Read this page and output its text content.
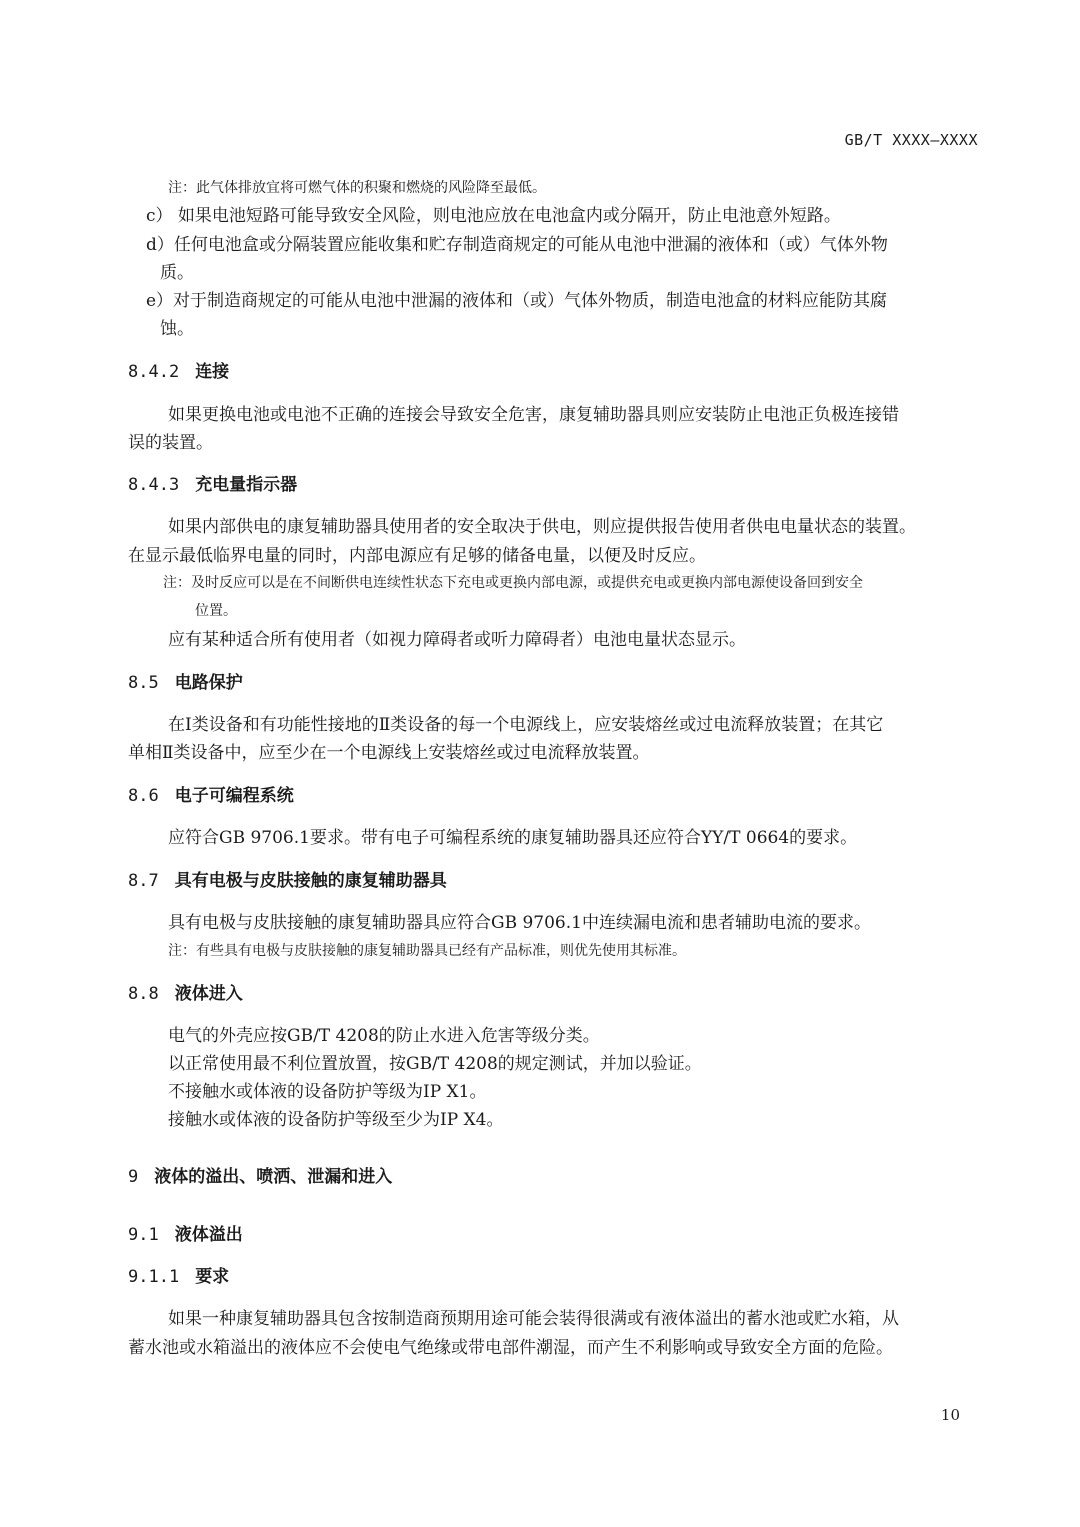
GB/T XXXX—XXXX
注：此气体排放宜将可燃气体的积聚和燃烧的风险降至最低。
c） 如果电池短路可能导致安全风险，则电池应放在电池盒内或分隔开，防止电池意外短路。
d）任何电池盒或分隔装置应能收集和贮存制造商规定的可能从电池中泄漏的液体和（或）气体外物
质。
e）对于制造商规定的可能从电池中泄漏的液体和（或）气体外物质，制造电池盒的材料应能防其腐
蚀。
8.4.2 连接
如果更换电池或电池不正确的连接会导致安全危害，康复辅助器具则应安装防止电池正负极连接错
误的装置。
8.4.3 充电量指示器
如果内部供电的康复辅助器具使用者的安全取决于供电，则应提供报告使用者供电电量状态的装置。
在显示最低临界电量的同时，内部电源应有足够的储备电量，以便及时反应。
注：及时反应可以是在不间断供电连续性状态下充电或更换内部电源，或提供充电或更换内部电源使设备回到安全
位置。
应有某种适合所有使用者（如视力障碍者或听力障碍者）电池电量状态显示。
8.5 电路保护
在Ⅰ类设备和有功能性接地的Ⅱ类设备的每一个电源线上，应安装熔丝或过电流释放装置；在其它
单相Ⅱ类设备中，应至少在一个电源线上安装熔丝或过电流释放装置。
8.6 电子可编程系统
应符合GB 9706.1要求。带有电子可编程系统的康复辅助器具还应符合YY/T 0664的要求。
8.7 具有电极与皮肤接触的康复辅助器具
具有电极与皮肤接触的康复辅助器具应符合GB 9706.1中连续漏电流和患者辅助电流的要求。
注：有些具有电极与皮肤接触的康复辅助器具已经有产品标准，则优先使用其标准。
8.8 液体进入
电气的外壳应按GB/T 4208的防止水进入危害等级分类。
以正常使用最不利位置放置，按GB/T 4208的规定测试，并加以验证。
不接触水或体液的设备防护等级为IP X1。
接触水或体液的设备防护等级至少为IP X4。
9 液体的溢出、喷洒、泄漏和进入
9.1 液体溢出
9.1.1 要求
如果一种康复辅助器具包含按制造商预期用途可能会装得很满或有液体溢出的蓄水池或贮水箱，从
蓄水池或水箱溢出的液体应不会使电气绝缘或带电部件潮湿，而产生不利影响或导致安全方面的危险。
10
